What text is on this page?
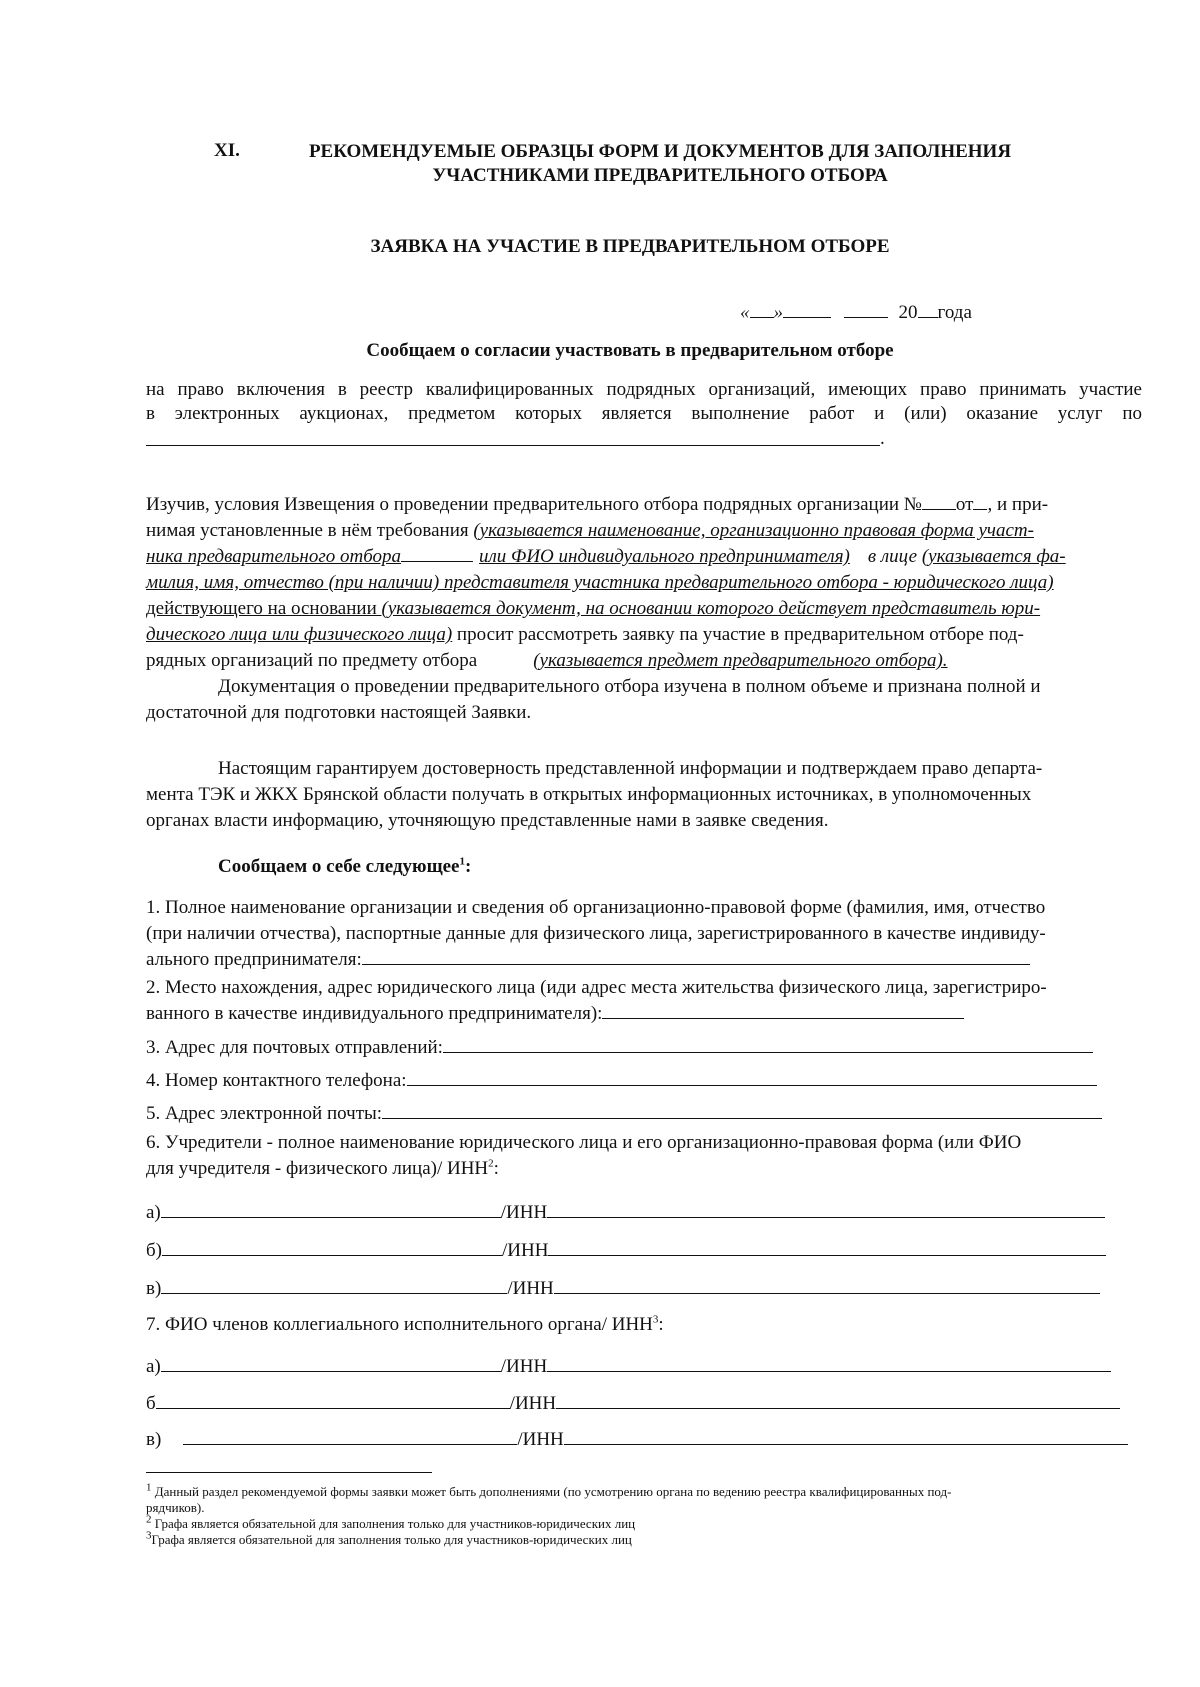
XI.	РЕКОМЕНДУЕМЫЕ ОБРАЗЦЫ ФОРМ И ДОКУМЕНТОВ ДЛЯ ЗАПОЛНЕНИЯ
УЧАСТНИКАМИ ПРЕДВАРИТЕЛЬНОГО ОТБОРА
ЗАЯВКА НА УЧАСТИЕ В ПРЕДВАРИТЕЛЬНОМ ОТБОРЕ
« »	20 года
Сообщаем о согласии участвовать в предварительном отборе
на право включения в реестр квалифицированных подрядных организаций, имеющих право принимать участие
в электронных аукционах, предметом которых является выполнение работ и (или) оказание услуг по
.
Изучив, условия Извещения о проведении предварительного отбора подрядных организации № от , и при-
нимая установленные в нём требования (указывается наименование, организационно правовая форма участ-
ника предварительного отбора	или ФИО индивидуального предпринимателя) в лице (указывается фа-
милия, имя, отчество (при наличии) представителя участника предварительного отбора - юридического лица)
действующего на основании (указывается документ, на основании которого действует представитель юри-
дического лица или физического лица) просит рассмотреть заявку па участие в предварительном отборе под-
рядных организаций по предмету отбора	(указывается предмет предварительного отбора).
Документация о проведении предварительного отбора изучена в полном объеме и признана полной и
достаточной для подготовки настоящей Заявки.
Настоящим гарантируем достоверность представленной информации и подтверждаем право департа-
мента ТЭК и ЖКХ Брянской области получать в открытых информационных источниках, в уполномоченных
органах власти информацию, уточняющую представленные нами в заявке сведения.
Сообщаем о себе следующее$^1$:
1. Полное наименование организации и сведения об организационно-правовой форме (фамилия, имя, отчество
(при наличии отчества), паспортные данные для физического лица, зарегистрированного в качестве индивиду-
ального предпринимателя:
2. Место нахождения, адрес юридического лица (иди адрес места жительства физического лица, зарегистриро-
ванного в качестве индивидуального предпринимателя):
3. Адрес для почтовых отправлений:
4. Номер контактного телефона:
5. Адрес электронной почты:
6. Учредители - полное наименование юридического лица и его организационно-правовая форма (или ФИО
для учредителя - физического лица)/ ИНН$^2$:
а)	/ИНН
б)	/ИНН
в)	/ИНН
7. ФИО членов коллегиального исполнительного органа/ ИНН$^3$:
а)	/ИНН
б	/ИНН
в)	/ИНН
$^1$ Данный раздел рекомендуемой формы заявки может быть дополнениями (по усмотрению органа по ведению реестра квалифицированных под-
рядчиков).
$^2$ Графа является обязательной для заполнения только для участников-юридических лиц
$^3$Графа является обязательной для заполнения только для участников-юридических лиц
